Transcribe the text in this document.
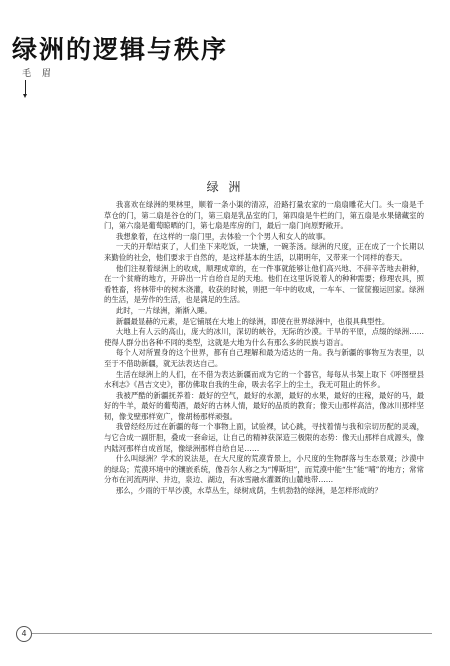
绿洲的逻辑与秩序
毛 眉
绿 洲

我喜欢在绿洲的果林里，顺着一条小渠的清凉，沿路打量农家的一扇扇雕花大门。头一扇是千草仓的门，第二扇是谷仓的门，第三扇是乳品室的门，第四扇是牛栏的门，第五扇是水果储藏室的门，第六扇是葡萄晾晒的门，第七扇是库房的门，最后一扇门向原野敞开。

我想象着，在这样的一扇门里，去体验一个个男人和女人的故事。

一天的开犁结束了，人们坐下来吃饭，一块馕，一碗茶汤。绿洲的尺度，正在成了一个长期以来勤俭的社会，他们要求于自然的，是这样基本的生活，以期明年，又带来一个同样的春天。

他们注视着绿洲上的收成，顺理成章的，在一件事就能够让他们高兴地、不辞辛苦地去耕种，在一个贫瘠的地方，开辟出一片自给自足的天地。他们在这里诉说着人的种种需要；修理农具，照看牲畜，将林带中的树木浇灌，收获的时候，则把一年中的收成，一车车、一筐筐搬运回家。绿洲的生活，是劳作的生活，也是满足的生活。

此时，一片绿洲，渐渐入睡。

新疆最显赫的元素，是它铺展在大地上的绿洲，即使在世界绿洲中，也很具典型性。

大地上有人云的高山，庞大的冰川，深切的峡谷，无际的沙漠。干旱的平原，点缀的绿洲……使得人群分出各种不同的类型，这就是大地为什么有那么多的民族与语言。

每个人对所置身的这个世界，都有自己理解和最为适达的一角。我与新疆的事物互为表里，以至于不借助新疆，就无法表达自己。

生活在绿洲上的人们，在不借为表达新疆而成为它的一个器官，每每从书架上取下《呼图壁县水利志》《昌吉文史》，都仿佛取自我的生命，吸去名字上的尘土，我无可阻止的怀乡。

我被严酷的新疆抚养着：最好的空气，最好的水源，最好的水果，最好的庄稼，最好的马，最好的牛羊，最好的葡萄酒，最好的古林人情，最好的品质的教育；像天山那样高洁，像冰川那样坚韧，像戈壁那样宽广，像胡杨那样顽强。

我曾经经历过在新疆的每一个事物上面，试验裸，试心跳，寻找着情与我和宗切历配的灵魂，与它合成一副肝胆，叠成一套命运，让自己的精神获深造三极限的态势：像天山那样自成源头，像内陆河那样自成首尾，像绿洲那样自给自足……

什么叫绿洲？学术的说法是，在大尺度的荒漠背景上，小尺度的生物群落与生态景观；沙漠中的绿岛；荒漠环境中的镶嵌系统，像吾尔人称之为“博斯坦”，而荒漠中能“生”能“哺”的地方；常常分布在河流两岸、井边，泉边、湖边，有冰雪融水灌溉的山麓地带……

那么，少雨的干旱沙漠，水草丛生，绿树成荫，生机勃勃的绿洲，是怎样形成的？

4
